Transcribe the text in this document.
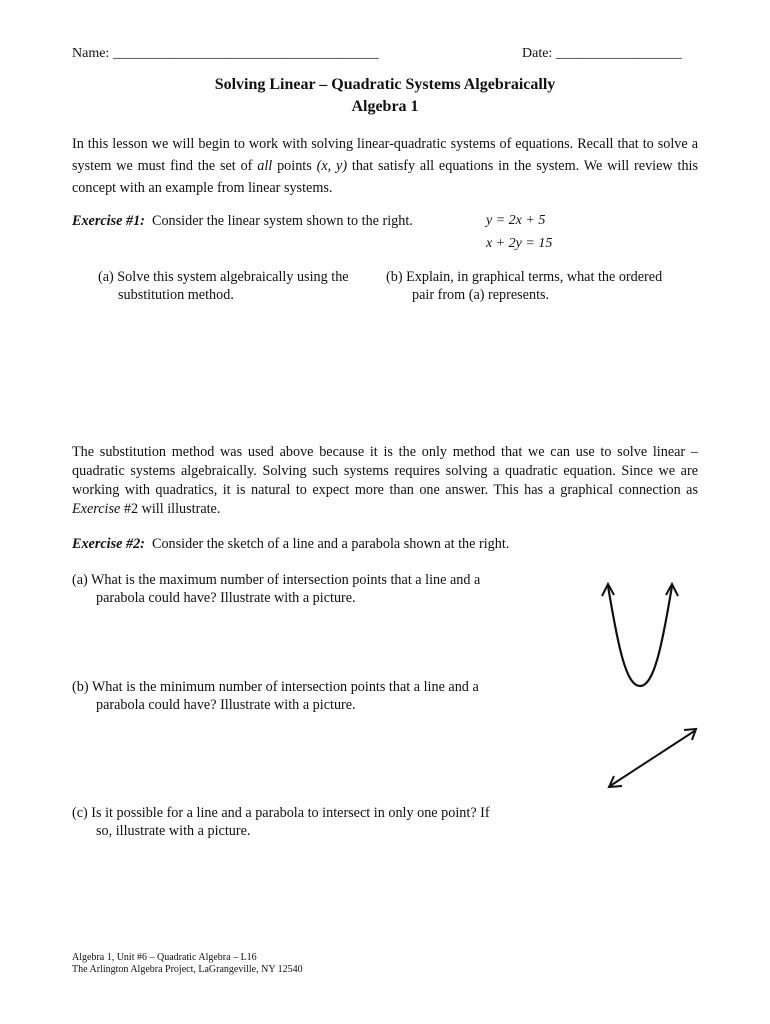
Name: ______________________________________	Date: __________________
Solving Linear – Quadratic Systems Algebraically
Algebra 1
In this lesson we will begin to work with solving linear-quadratic systems of equations. Recall that to solve a system we must find the set of all points (x, y) that satisfy all equations in the system. We will review this concept with an example from linear systems.
Exercise #1: Consider the linear system shown to the right.	y = 2x + 5
x + 2y = 15
(a) Solve this system algebraically using the substitution method.
(b) Explain, in graphical terms, what the ordered
pair from (a) represents.
The substitution method was used above because it is the only method that we can use to solve linear – quadratic systems algebraically. Solving such systems requires solving a quadratic equation. Since we are working with quadratics, it is natural to expect more than one answer. This has a graphical connection as Exercise #2 will illustrate.
Exercise #2: Consider the sketch of a line and a parabola shown at the right.
(a) What is the maximum number of intersection points that a line and a
parabola could have? Illustrate with a picture.
(b) What is the minimum number of intersection points that a line and a
parabola could have? Illustrate with a picture.
(c) Is it possible for a line and a parabola to intersect in only one point? If
so, illustrate with a picture.
Algebra 1, Unit #6 – Quadratic Algebra – L16
The Arlington Algebra Project, LaGrangeville, NY 12540
